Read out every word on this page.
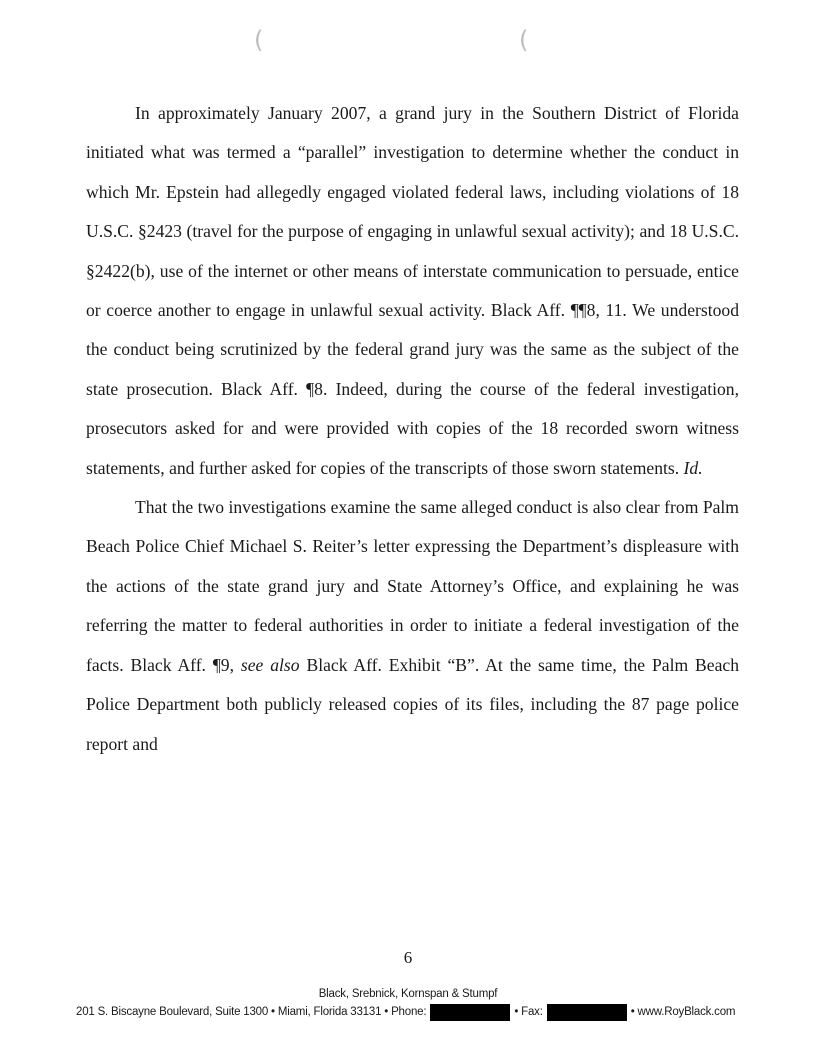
(	(

In approximately January 2007, a grand jury in the Southern District of Florida initiated what was termed a “parallel” investigation to determine whether the conduct in which Mr. Epstein had allegedly engaged violated federal laws, including violations of 18 U.S.C. §2423 (travel for the purpose of engaging in unlawful sexual activity); and 18 U.S.C. §2422(b), use of the internet or other means of interstate communication to persuade, entice or coerce another to engage in unlawful sexual activity. Black Aff. ¶¶8, 11. We understood the conduct being scrutinized by the federal grand jury was the same as the subject of the state prosecution. Black Aff. ¶8. Indeed, during the course of the federal investigation, prosecutors asked for and were provided with copies of the 18 recorded sworn witness statements, and further asked for copies of the transcripts of those sworn statements. Id.

That the two investigations examine the same alleged conduct is also clear from Palm Beach Police Chief Michael S. Reiter’s letter expressing the Department’s displeasure with the actions of the state grand jury and State Attorney’s Office, and explaining he was referring the matter to federal authorities in order to initiate a federal investigation of the facts. Black Aff. ¶9, see also Black Aff. Exhibit “B”. At the same time, the Palm Beach Police Department both publicly released copies of its files, including the 87 page police report and

6
Black, Srebnick, Kornspan & Stumpf
201 S. Biscayne Boulevard, Suite 1300 • Miami, Florida 33131 • Phone:	• Fax:	• www.RoyBlack.com
